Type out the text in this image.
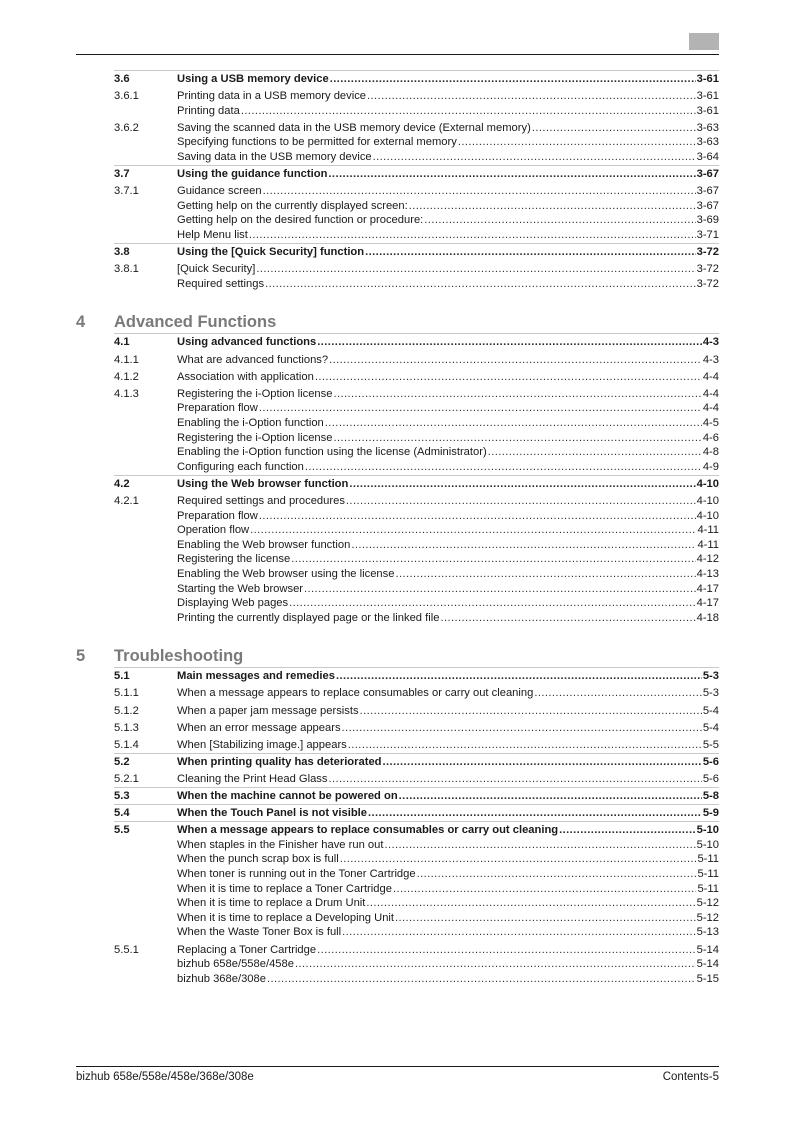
3.6	Using a USB memory device .....	3-61
3.6.1	Printing data in a USB memory device .....	3-61
Printing data .....	3-61
3.6.2	Saving the scanned data in the USB memory device (External memory) .....	3-63
Specifying functions to be permitted for external memory .....	3-63
Saving data in the USB memory device .....	3-64
3.7	Using the guidance function .....	3-67
3.7.1	Guidance screen .....	3-67
Getting help on the currently displayed screen: .....	3-67
Getting help on the desired function or procedure: .....	3-69
Help Menu list .....	3-71
3.8	Using the [Quick Security] function .....	3-72
3.8.1	[Quick Security] .....	3-72
Required settings .....	3-72
4 Advanced Functions
4.1	Using advanced functions .....	4-3
4.1.1	What are advanced functions? .....	4-3
4.1.2	Association with application .....	4-4
4.1.3	Registering the i-Option license .....	4-4
Preparation flow .....	4-4
Enabling the i-Option function .....	4-5
Registering the i-Option license .....	4-6
Enabling the i-Option function using the license (Administrator) .....	4-8
Configuring each function .....	4-9
4.2	Using the Web browser function .....	4-10
4.2.1	Required settings and procedures .....	4-10
Preparation flow .....	4-10
Operation flow .....	4-11
Enabling the Web browser function .....	4-11
Registering the license .....	4-12
Enabling the Web browser using the license .....	4-13
Starting the Web browser .....	4-17
Displaying Web pages .....	4-17
Printing the currently displayed page or the linked file .....	4-18
5 Troubleshooting
5.1	Main messages and remedies .....	5-3
5.1.1	When a message appears to replace consumables or carry out cleaning .....	5-3
5.1.2	When a paper jam message persists .....	5-4
5.1.3	When an error message appears .....	5-4
5.1.4	When [Stabilizing image.] appears .....	5-5
5.2	When printing quality has deteriorated .....	5-6
5.2.1	Cleaning the Print Head Glass .....	5-6
5.3	When the machine cannot be powered on .....	5-8
5.4	When the Touch Panel is not visible .....	5-9
5.5	When a message appears to replace consumables or carry out cleaning .....	5-10
When staples in the Finisher have run out .....	5-10
When the punch scrap box is full .....	5-11
When toner is running out in the Toner Cartridge .....	5-11
When it is time to replace a Toner Cartridge .....	5-11
When it is time to replace a Drum Unit .....	5-12
When it is time to replace a Developing Unit .....	5-12
When the Waste Toner Box is full .....	5-13
5.5.1	Replacing a Toner Cartridge .....	5-14
bizhub 658e/558e/458e .....	5-14
bizhub 368e/308e .....	5-15
bizhub 658e/558e/458e/368e/308e	Contents-5
